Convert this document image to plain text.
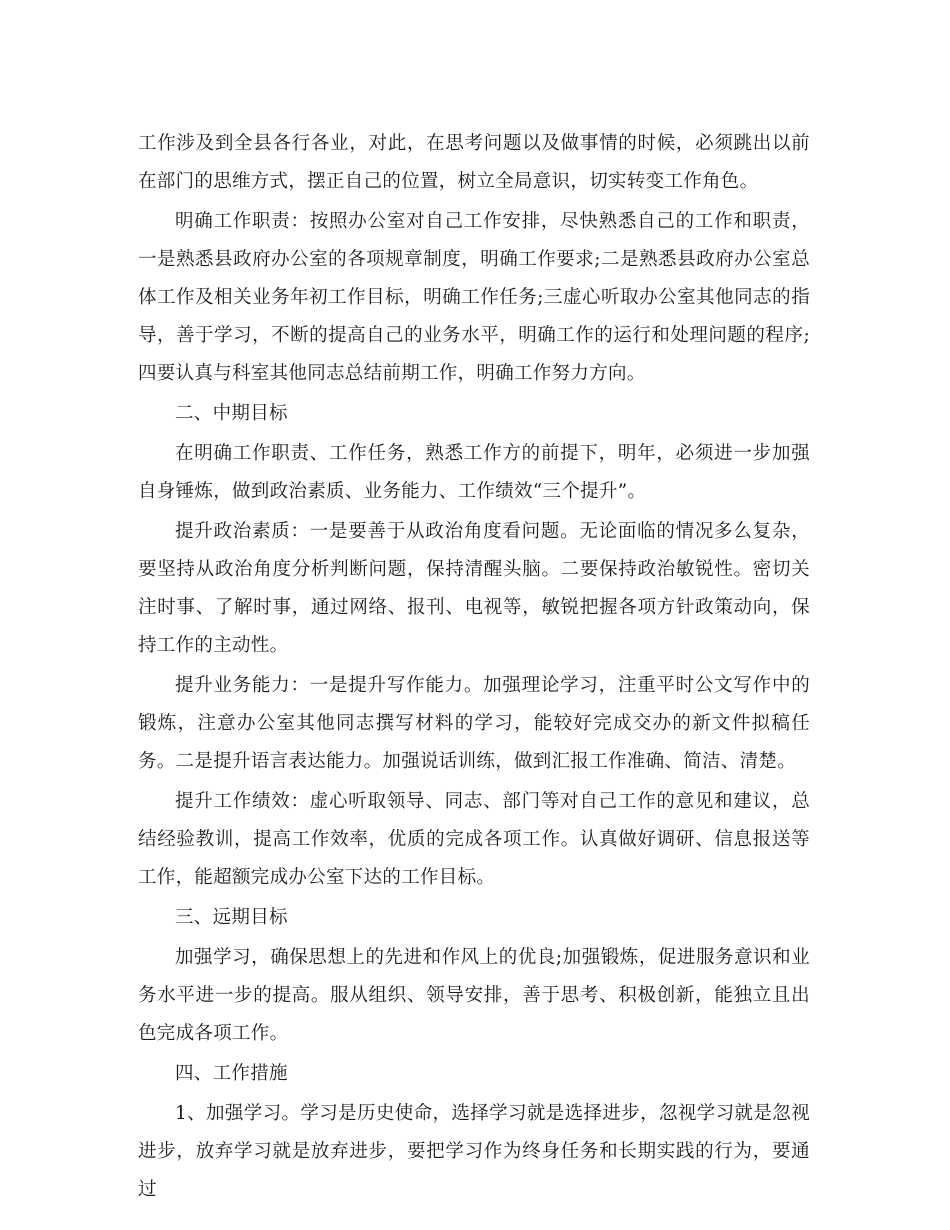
工作涉及到全县各行各业，对此，在思考问题以及做事情的时候，必须跳出以前在部门的思维方式，摆正自己的位置，树立全局意识，切实转变工作角色。

明确工作职责：按照办公室对自己工作安排，尽快熟悉自己的工作和职责，一是熟悉县政府办公室的各项规章制度，明确工作要求;二是熟悉县政府办公室总体工作及相关业务年初工作目标，明确工作任务;三虚心听取办公室其他同志的指导，善于学习，不断的提高自己的业务水平，明确工作的运行和处理问题的程序;四要认真与科室其他同志总结前期工作，明确工作努力方向。

二、中期目标

在明确工作职责、工作任务，熟悉工作方的前提下，明年，必须进一步加强自身锤炼，做到政治素质、业务能力、工作绩效“三个提升”。

提升政治素质：一是要善于从政治角度看问题。无论面临的情况多么复杂，要坚持从政治角度分析判断问题，保持清醒头脑。二要保持政治敏锐性。密切关注时事、了解时事，通过网络、报刊、电视等，敏锐把握各项方针政策动向，保持工作的主动性。

提升业务能力：一是提升写作能力。加强理论学习，注重平时公文写作中的锻炼，注意办公室其他同志撰写材料的学习，能较好完成交办的新文件拟稿任务。二是提升语言表达能力。加强说话训练，做到汇报工作准确、简洁、清楚。

提升工作绩效：虚心听取领导、同志、部门等对自己工作的意见和建议，总结经验教训，提高工作效率，优质的完成各项工作。认真做好调研、信息报送等工作，能超额完成办公室下达的工作目标。

三、远期目标

加强学习，确保思想上的先进和作风上的优良;加强锻炼，促进服务意识和业务水平进一步的提高。服从组织、领导安排，善于思考、积极创新，能独立且出色完成各项工作。

四、工作措施

1、加强学习。学习是历史使命，选择学习就是选择进步，忽视学习就是忽视进步，放弃学习就是放弃进步，要把学习作为终身任务和长期实践的行为，要通过
